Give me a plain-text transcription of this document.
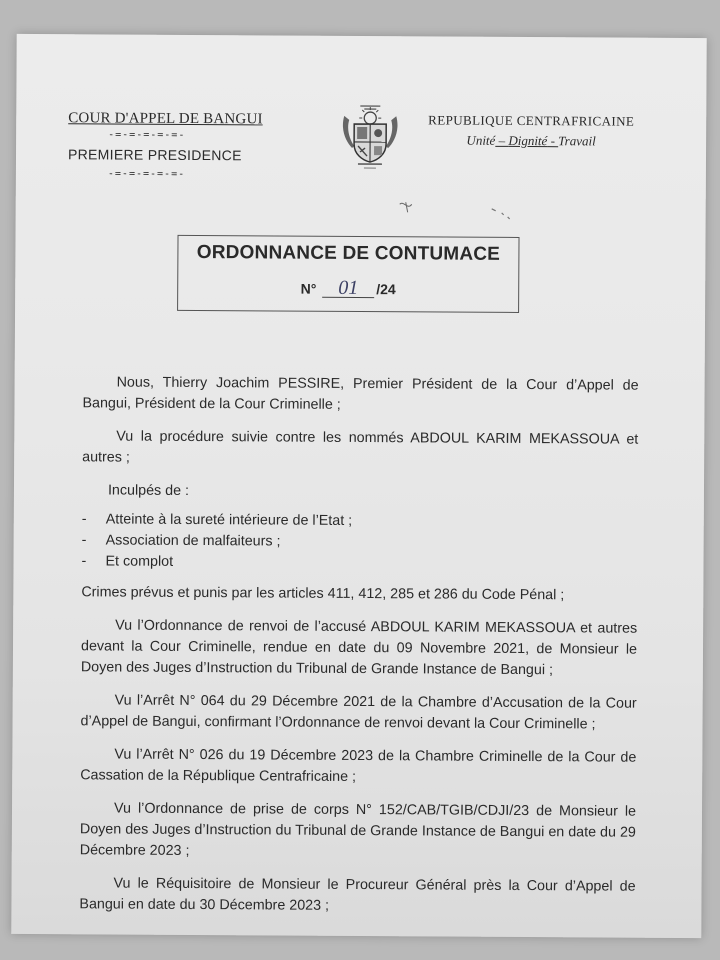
COUR D'APPEL DE BANGUI
-=-=-=-=-=-
PREMIERE PRESIDENCE
-=-=-=-=-=-
REPUBLIQUE CENTRAFRICAINE
Unité – Dignité - Travail
ORDONNANCE DE CONTUMACE
N° 01 /24
Nous, Thierry Joachim PESSIRE, Premier Président de la Cour d’Appel de Bangui, Président de la Cour Criminelle ;
Vu la procédure suivie contre les nommés ABDOUL KARIM MEKASSOUA et autres ;
Inculpés de :
- Atteinte à la sureté intérieure de l’Etat ;
- Association de malfaiteurs ;
- Et complot
Crimes prévus et punis par les articles 411, 412, 285 et 286 du Code Pénal ;
Vu l’Ordonnance de renvoi de l’accusé ABDOUL KARIM MEKASSOUA et autres devant la Cour Criminelle, rendue en date du 09 Novembre 2021, de Monsieur le Doyen des Juges d’Instruction du Tribunal de Grande Instance de Bangui ;
Vu l’Arrêt N° 064 du 29 Décembre 2021 de la Chambre d’Accusation de la Cour d’Appel de Bangui, confirmant l’Ordonnance de renvoi devant la Cour Criminelle ;
Vu l’Arrêt N° 026 du 19 Décembre 2023 de la Chambre Criminelle de la Cour de Cassation de la République Centrafricaine ;
Vu l’Ordonnance de prise de corps N° 152/CAB/TGIB/CDJI/23 de Monsieur le Doyen des Juges d’Instruction du Tribunal de Grande Instance de Bangui en date du 29 Décembre 2023 ;
Vu le Réquisitoire de Monsieur le Procureur Général près la Cour d’Appel de Bangui en date du 30 Décembre 2023 ;
